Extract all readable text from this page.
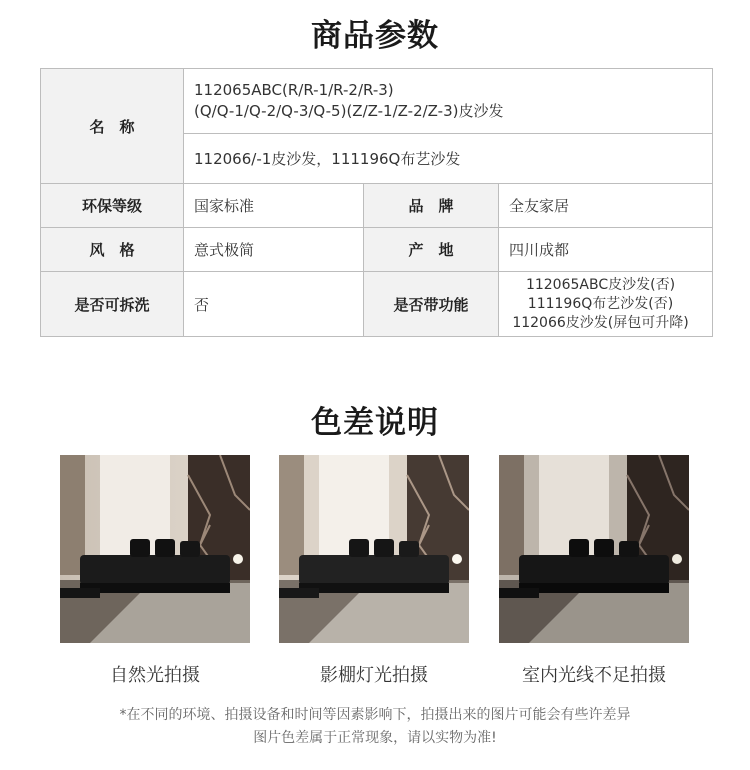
商品参数
名　称	112065ABC(R/R-1/R-2/R-3)
(Q/Q-1/Q-2/Q-3/Q-5)(Z/Z-1/Z-2/Z-3)皮沙发		

	112066/-1皮沙发，111196Q布艺沙发		
环保等级	国家标准	品　牌	全友家居
风　格	意式极简	产　地	四川成都
是否可拆洗	否	是否带功能	112065ABC皮沙发(否)
111196Q布艺沙发(否)
112066皮沙发(屏包可升降)
色差说明
自然光拍摄	影棚灯光拍摄	室内光线不足拍摄
*在不同的环境、拍摄设备和时间等因素影响下，拍摄出来的图片可能会有些许差异
图片色差属于正常现象，请以实物为准!
